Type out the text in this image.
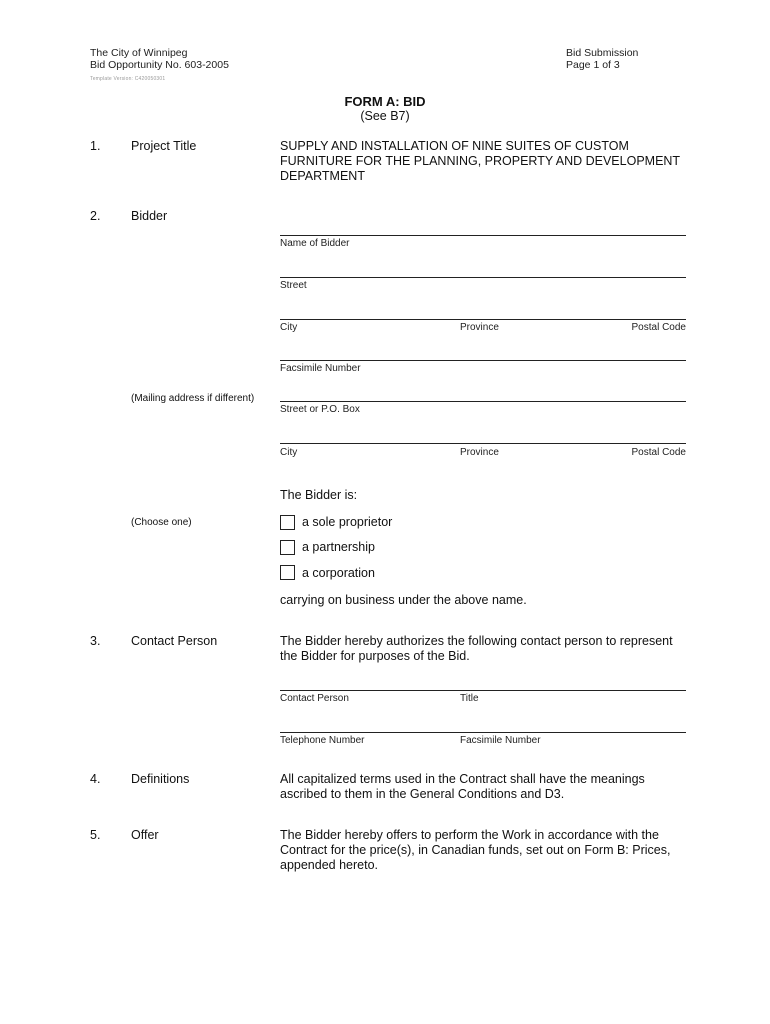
The City of Winnipeg
Bid Opportunity No. 603-2005
Template Version: C420050301
Bid Submission
Page 1 of 3
FORM A: BID
(See B7)
1. Project Title	SUPPLY AND INSTALLATION OF NINE SUITES OF CUSTOM
FURNITURE FOR THE PLANNING, PROPERTY AND DEVELOPMENT
DEPARTMENT
2. Bidder
Name of Bidder
Street
City	Province	Postal Code
Facsimile Number
(Mailing address if different)
Street or P.O. Box
City	Province	Postal Code
The Bidder is:
(Choose one)	a sole proprietor
a partnership
a corporation
carrying on business under the above name.
3. Contact Person	The Bidder hereby authorizes the following contact person to represent
the Bidder for purposes of the Bid.
Contact Person	Title
Telephone Number	Facsimile Number
4. Definitions	All capitalized terms used in the Contract shall have the meanings
ascribed to them in the General Conditions and D3.
5. Offer	The Bidder hereby offers to perform the Work in accordance with the
Contract for the price(s), in Canadian funds, set out on Form B: Prices,
appended hereto.
